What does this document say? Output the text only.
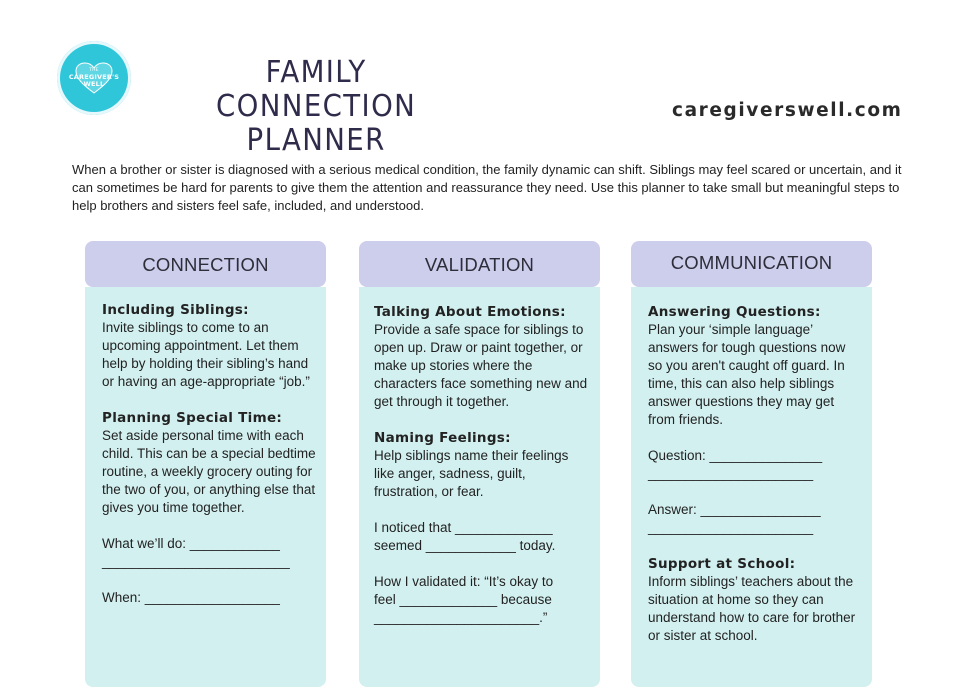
THE
CAREGIVER'S
WELL	FAMILY CONNECTION
PLANNER
caregiverswell.com
When a brother or sister is diagnosed with a serious medical condition, the family dynamic can shift. Siblings may feel scared or uncertain, and it can sometimes be hard for parents to give them the attention and reassurance they need. Use this planner to take small but meaningful steps to help brothers and sisters feel safe, included, and understood.
CONNECTION

Including Siblings:

Invite siblings to come to an upcoming appointment. Let them help by holding their sibling’s hand or having an age-appropriate “job.”

Planning Special Time:

Set aside personal time with each child. This can be a special bedtime routine, a weekly grocery outing for the two of you, or anything else that gives you time together.

What we’ll do: ____________

_________________________

When: __________________

VALIDATION

Talking About Emotions:

Provide a safe space for siblings to open up. Draw or paint together, or make up stories where the characters face something new and get through it together.

Naming Feelings:

Help siblings name their feelings like anger, sadness, guilt, frustration, or fear.

I noticed that _____________

seemed ____________ today.

How I validated it: “It’s okay to

feel _____________ because

______________________.”

COMMUNICATION

Answering Questions:

Plan your ‘simple language’ answers for tough questions now so you aren't caught off guard. In time, this can also help siblings answer questions they may get from friends.

Question: _______________

______________________

Answer: ________________

______________________

Support at School:

Inform siblings’ teachers about the situation at home so they can understand how to care for brother or sister at school.
